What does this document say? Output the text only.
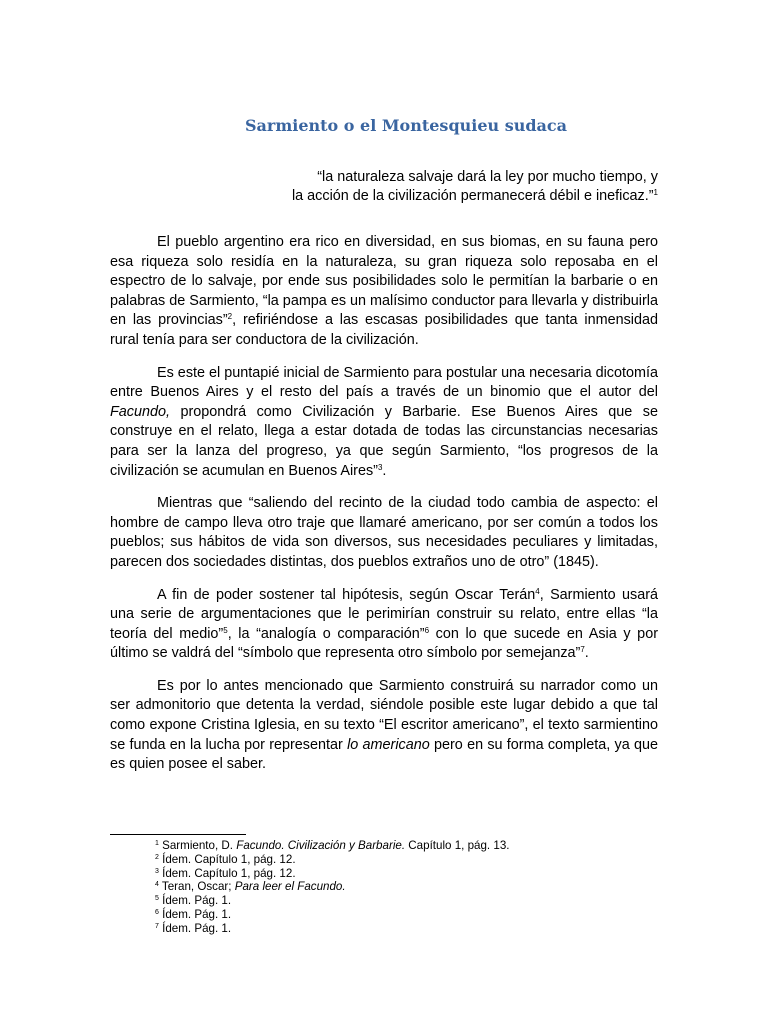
Sarmiento o el Montesquieu sudaca
“la naturaleza salvaje dará la ley por mucho tiempo, y
la acción de la civilización permanecerá débil e ineficaz.”$^1$

El pueblo argentino era rico en diversidad, en sus biomas, en su fauna pero esa riqueza solo residía en la naturaleza, su gran riqueza solo reposaba en el espectro de lo salvaje, por ende sus posibilidades solo le permitían la barbarie o en palabras de Sarmiento, “la pampa es un malísimo conductor para llevarla y distribuirla en las provincias”$^2$, refiriéndose a las escasas posibilidades que tanta inmensidad rural tenía para ser conductora de la civilización.

Es este el puntapié inicial de Sarmiento para postular una necesaria dicotomía entre Buenos Aires y el resto del país a través de un binomio que el autor del Facundo, propondrá como Civilización y Barbarie. Ese Buenos Aires que se construye en el relato, llega a estar dotada de todas las circunstancias necesarias para ser la lanza del progreso, ya que según Sarmiento, “los progresos de la civilización se acumulan en Buenos Aires”$^3$.

Mientras que “saliendo del recinto de la ciudad todo cambia de aspecto: el hombre de campo lleva otro traje que llamaré americano, por ser común a todos los pueblos; sus hábitos de vida son diversos, sus necesidades peculiares y limitadas, parecen dos sociedades distintas, dos pueblos extraños uno de otro” (1845).

A fin de poder sostener tal hipótesis, según Oscar Terán$^4$, Sarmiento usará una serie de argumentaciones que le perimirían construir su relato, entre ellas “la teoría del medio”$^5$, la “analogía o comparación”$^6$ con lo que sucede en Asia y por último se valdrá del “símbolo que representa otro símbolo por semejanza”$^7$.

Es por lo antes mencionado que Sarmiento construirá su narrador como un ser admonitorio que detenta la verdad, siéndole posible este lugar debido a que tal como expone Cristina Iglesia, en su texto “El escritor americano”, el texto sarmientino se funda en la lucha por representar lo americano pero en su forma completa, ya que es quien posee el saber.

$^1$ Sarmiento, D. Facundo. Civilización y Barbarie. Capítulo 1, pág. 13.
$^2$ Ídem. Capítulo 1, pág. 12.
$^3$ Ídem. Capítulo 1, pág. 12.
$^4$ Teran, Oscar; Para leer el Facundo.
$^5$ Ídem. Pág. 1.
$^6$ Ídem. Pág. 1.
$^7$ Ídem. Pág. 1.
